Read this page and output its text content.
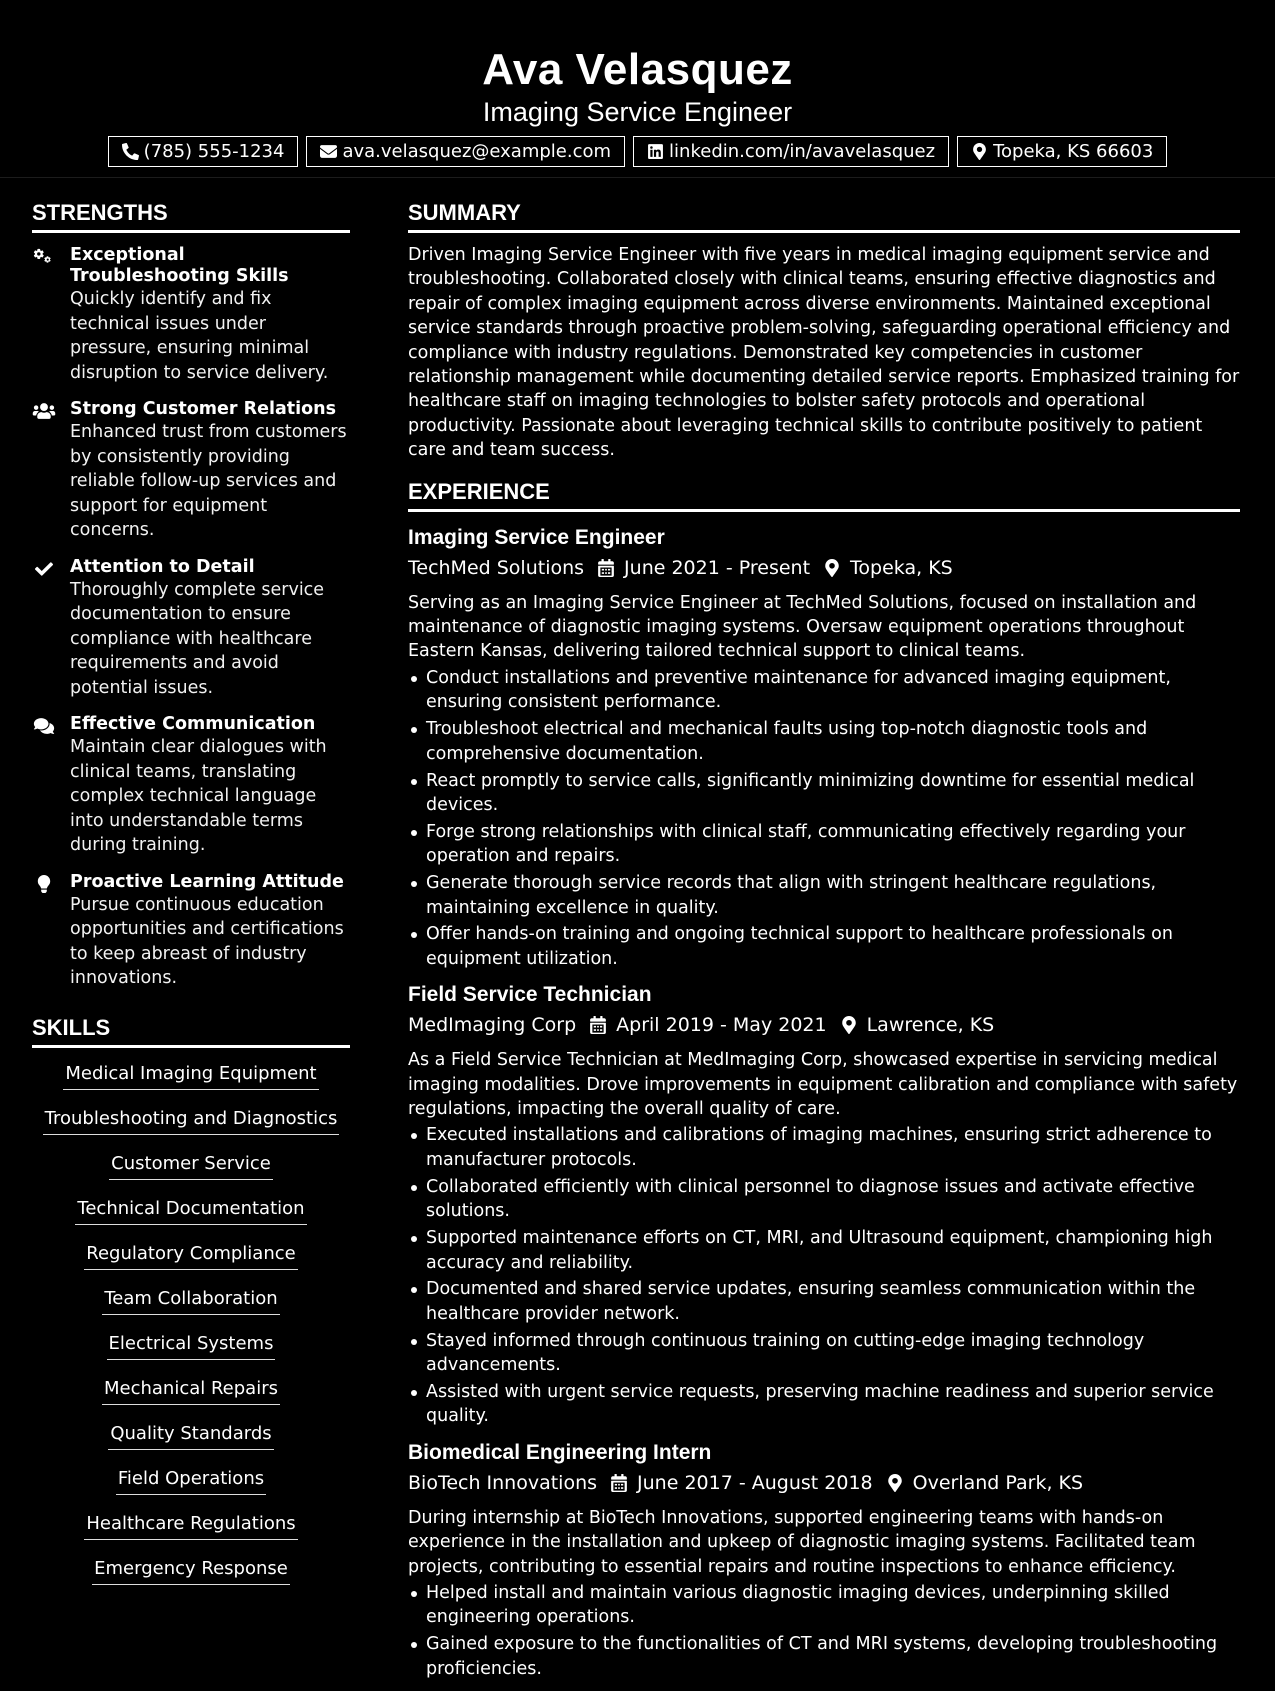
Ava Velasquez
Imaging Service Engineer
(785) 555-1234	ava.velasquez@example.com	linkedin.com/in/avavelasquez	Topeka, KS 66603
STRENGTHS
Exceptional Troubleshooting Skills
Quickly identify and fix technical issues under pressure, ensuring minimal disruption to service delivery.
Strong Customer Relations
Enhanced trust from customers by consistently providing reliable follow-up services and support for equipment concerns.
Attention to Detail
Thoroughly complete service documentation to ensure compliance with healthcare requirements and avoid potential issues.
Effective Communication
Maintain clear dialogues with clinical teams, translating complex technical language into understandable terms during training.
Proactive Learning Attitude
Pursue continuous education opportunities and certifications to keep abreast of industry innovations.
SKILLS
Medical Imaging Equipment
Troubleshooting and Diagnostics
Customer Service
Technical Documentation
Regulatory Compliance
Team Collaboration
Electrical Systems
Mechanical Repairs
Quality Standards
Field Operations
Healthcare Regulations
Emergency Response
SUMMARY

Driven Imaging Service Engineer with five years in medical imaging equipment service and troubleshooting. Collaborated closely with clinical teams, ensuring effective diagnostics and repair of complex imaging equipment across diverse environments. Maintained exceptional service standards through proactive problem-solving, safeguarding operational efficiency and compliance with industry regulations. Demonstrated key competencies in customer relationship management while documenting detailed service reports. Emphasized training for healthcare staff on imaging technologies to bolster safety protocols and operational productivity. Passionate about leveraging technical skills to contribute positively to patient care and team success.

EXPERIENCE
Imaging Service Engineer
TechMed Solutions June 2021 - Present Topeka, KS

Serving as an Imaging Service Engineer at TechMed Solutions, focused on installation and maintenance of diagnostic imaging systems. Oversaw equipment operations throughout Eastern Kansas, delivering tailored technical support to clinical teams.

Conduct installations and preventive maintenance for advanced imaging equipment, ensuring consistent performance.
Troubleshoot electrical and mechanical faults using top-notch diagnostic tools and comprehensive documentation.
React promptly to service calls, significantly minimizing downtime for essential medical devices.
Forge strong relationships with clinical staff, communicating effectively regarding your operation and repairs.
Generate thorough service records that align with stringent healthcare regulations, maintaining excellence in quality.
Offer hands-on training and ongoing technical support to healthcare professionals on equipment utilization.
Field Service Technician
MedImaging Corp April 2019 - May 2021 Lawrence, KS

As a Field Service Technician at MedImaging Corp, showcased expertise in servicing medical imaging modalities. Drove improvements in equipment calibration and compliance with safety regulations, impacting the overall quality of care.

Executed installations and calibrations of imaging machines, ensuring strict adherence to manufacturer protocols.
Collaborated efficiently with clinical personnel to diagnose issues and activate effective solutions.
Supported maintenance efforts on CT, MRI, and Ultrasound equipment, championing high accuracy and reliability.
Documented and shared service updates, ensuring seamless communication within the healthcare provider network.
Stayed informed through continuous training on cutting-edge imaging technology advancements.
Assisted with urgent service requests, preserving machine readiness and superior service quality.
Biomedical Engineering Intern
BioTech Innovations June 2017 - August 2018 Overland Park, KS

During internship at BioTech Innovations, supported engineering teams with hands-on experience in the installation and upkeep of diagnostic imaging systems. Facilitated team projects, contributing to essential repairs and routine inspections to enhance efficiency.

Helped install and maintain various diagnostic imaging devices, underpinning skilled engineering operations.
Gained exposure to the functionalities of CT and MRI systems, developing troubleshooting proficiencies.
